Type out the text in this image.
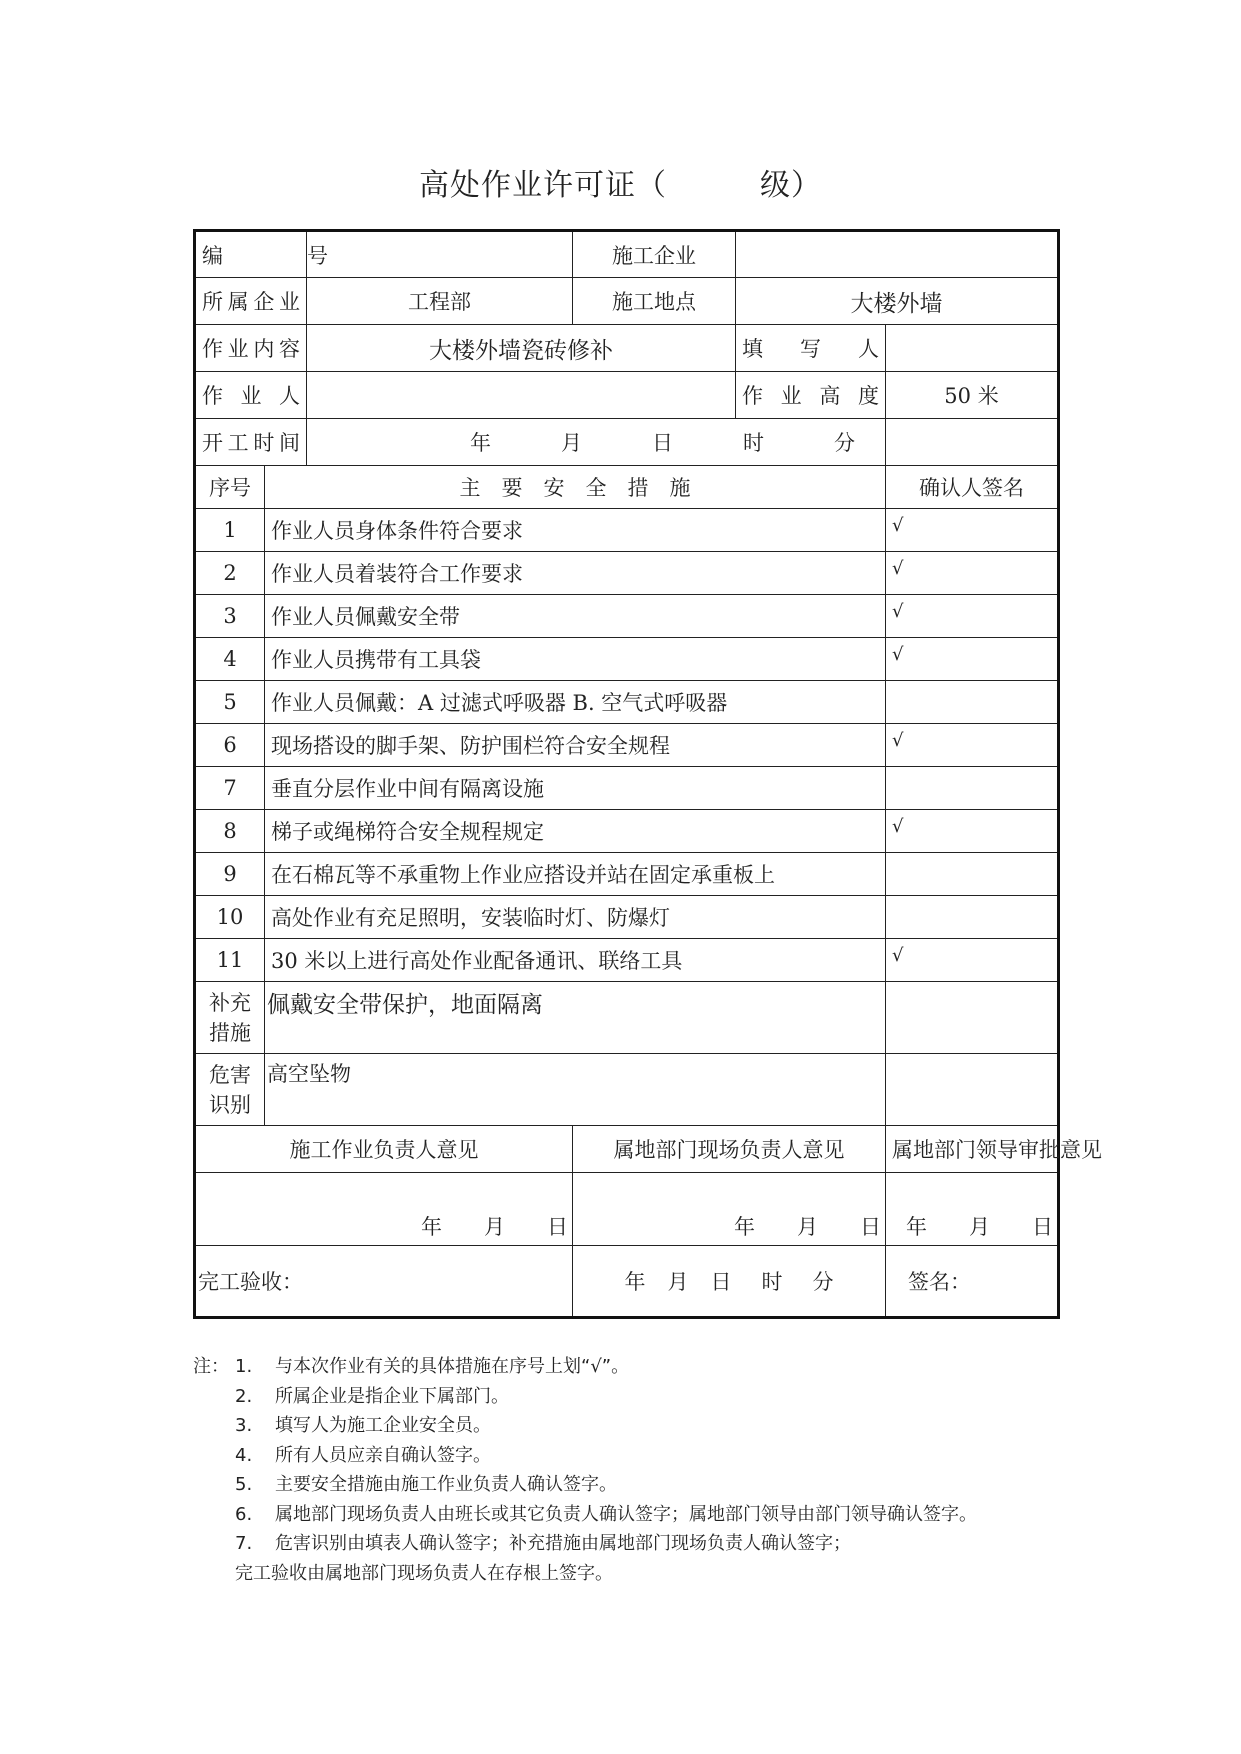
高处作业许可证（　　　级）
编　　　　号			施工企业		
所属企业		工程部	施工地点	大楼外墙	
作业内容		大楼外墙瓷砖修补		填写人	
作业人				作业高度	50 米
开工时间		年 月 日 时 分			
序号	主　要　安　全　措　施				确认人签名
1	作业人员身体条件符合要求				√
2	作业人员着装符合工作要求				√
3	作业人员佩戴安全带				√
4	作业人员携带有工具袋				√
5	作业人员佩戴：A 过滤式呼吸器 B. 空气式呼吸器				
6	现场搭设的脚手架、防护围栏符合安全规程				√
7	垂直分层作业中间有隔离设施				
8	梯子或绳梯符合安全规程规定				√
9	在石棉瓦等不承重物上作业应搭设并站在固定承重板上				
10	高处作业有充足照明，安装临时灯、防爆灯				
11	30 米以上进行高处作业配备通讯、联络工具				√

补充
措施	佩戴安全带保护，地面隔离				

危害
识别	高空坠物				
施工作业负责人意见			属地部门现场负责人意见		属地部门领导审批意见

年 月 日			年 月 日		年 月 日

完工验收：			年 月 日 时 分		签名：
注： 1.	与本次作业有关的具体措施在序号上划“√”。
2.	所属企业是指企业下属部门。
3.	填写人为施工企业安全员。
4.	所有人员应亲自确认签字。
5.	主要安全措施由施工作业负责人确认签字。
6.	属地部门现场负责人由班长或其它负责人确认签字；属地部门领导由部门领导确认签字。
7.	危害识别由填表人确认签字；补充措施由属地部门现场负责人确认签字；
完工验收由属地部门现场负责人在存根上签字。
